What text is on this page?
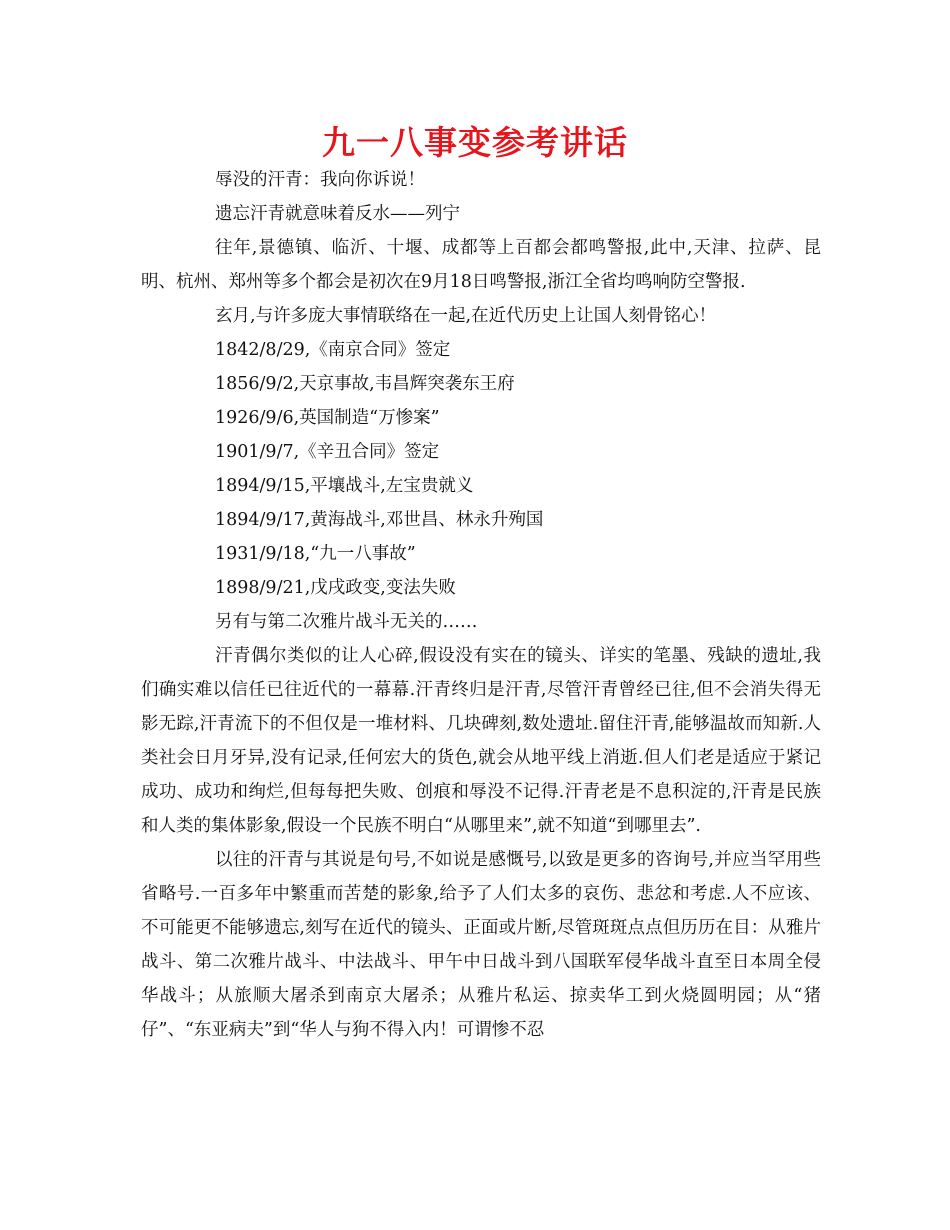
九一八事变参考讲话

辱没的汗青：我向你诉说！

遗忘汗青就意味着反水——列宁

往年,景德镇、临沂、十堰、成都等上百都会都鸣警报,此中,天津、拉萨、昆明、杭州、郑州等多个都会是初次在9月18日鸣警报,浙江全省均鸣响防空警报.

玄月,与许多庞大事情联络在一起,在近代历史上让国人刻骨铭心！

1842/8/29,《南京合同》签定

1856/9/2,天京事故,韦昌辉突袭东王府

1926/9/6,英国制造“万惨案”

1901/9/7,《辛丑合同》签定

1894/9/15,平壤战斗,左宝贵就义

1894/9/17,黄海战斗,邓世昌、林永升殉国

1931/9/18,“九一八事故”

1898/9/21,戊戌政变,变法失败

另有与第二次雅片战斗无关的……

汗青偶尔类似的让人心碎,假设没有实在的镜头、详实的笔墨、残缺的遗址,我们确实难以信任已往近代的一幕幕.汗青终归是汗青,尽管汗青曾经已往,但不会消失得无影无踪,汗青流下的不但仅是一堆材料、几块碑刻,数处遗址.留住汗青,能够温故而知新.人类社会日月牙异,没有记录,任何宏大的货色,就会从地平线上消逝.但人们老是适应于紧记成功、成功和绚烂,但每每把失败、创痕和辱没不记得.汗青老是不息积淀的,汗青是民族和人类的集体影象,假设一个民族不明白“从哪里来”,就不知道“到哪里去”.

以往的汗青与其说是句号,不如说是感慨号,以致是更多的咨询号,并应当罕用些省略号.一百多年中繁重而苦楚的影象,给予了人们太多的哀伤、悲忿和考虑.人不应该、不可能更不能够遗忘,刻写在近代的镜头、正面或片断,尽管斑斑点点但历历在目：从雅片战斗、第二次雅片战斗、中法战斗、甲午中日战斗到八国联军侵华战斗直至日本周全侵华战斗；从旅顺大屠杀到南京大屠杀；从雅片私运、掠卖华工到火烧圆明园；从“猪仔”、“东亚病夫”到“华人与狗不得入内！可谓惨不忍
